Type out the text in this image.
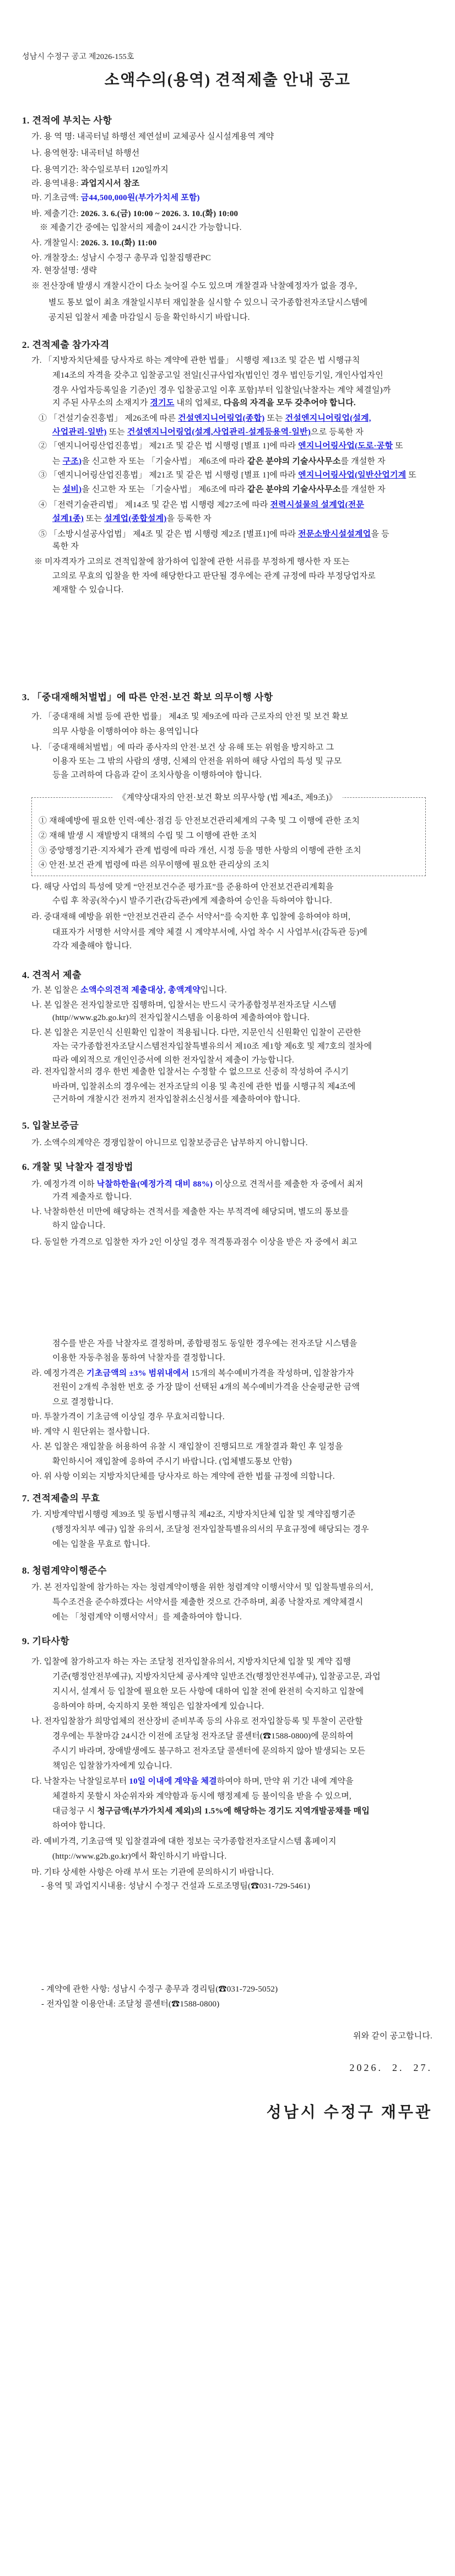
성남시 수정구 공고 제2026-155호
소액수의(용역) 견적제출 안내 공고
1. 견적에 부치는 사항
가. 용 역 명: 내곡터널 하행선 제연설비 교체공사 실시설계용역 계약
나. 용역현장: 내곡터널 하행선
다. 용역기간: 착수일로부터 120일까지
라. 용역내용: 과업지시서 참조
마. 기초금액: 금44,500,000원(부가가치세 포함)
바. 제출기간: 2026. 3. 6.(금) 10:00 ~ 2026. 3. 10.(화) 10:00
※ 제출기간 중에는 입찰서의 제출이 24시간 가능합니다.
사. 개찰일시: 2026. 3. 10.(화) 11:00
아. 개찰장소: 성남시 수정구 총무과 입찰집행관PC
자. 현장설명: 생략
※ 전산장애 발생시 개찰시간이 다소 늦어질 수도 있으며 개찰결과 낙찰예정자가 없을 경우,
별도 통보 없이 최초 개찰일시부터 재입찰을 실시할 수 있으니 국가종합전자조달시스템에
공지된 입찰서 제출 마감일시 등을 확인하시기 바랍니다.
2. 견적제출 참가자격
가. 「지방자치단체를 당사자로 하는 계약에 관한 법률」 시행령 제13조 및 같은 법 시행규칙
제14조의 자격을 갖추고 입찰공고일 전일[신규사업자(법인인 경우 법인등기일, 개인사업자인
경우 사업자등록일을 기준)인 경우 입찰공고일 이후 포함]부터 입찰일(낙찰자는 계약 체결일)까
지 주된 사무소의 소재지가 경기도 내의 업체로, 다음의 자격을 모두 갖추어야 합니다.
① 「건설기술진흥법」 제26조에 따른 건설엔지니어링업(종합) 또는 건설엔지니어링업(설계,
사업관리-일반) 또는 건설엔지니어링업(설계,사업관리-설계등용역-일반)으로 등록한 자
② 「엔지니어링산업진흥법」 제21조 및 같은 법 시행령 [별표 1]에 따라 엔지니어링사업(도로·공항 또
는 구조)을 신고한 자 또는 「기술사법」 제6조에 따라 같은 분야의 기술사사무소를 개설한 자
③ 「엔지니어링산업진흥법」 제21조 및 같은 법 시행령 [별표 1]에 따라 엔지니어링사업(일반산업기계 또
는 설비)을 신고한 자 또는 「기술사법」 제6조에 따라 같은 분야의 기술사사무소를 개설한 자
④ 「전력기술관리법」 제14조 및 같은 법 시행령 제27조에 따라 전력시설물의 설계업(전문
설계1종) 또는 설계업(종합설계)을 등록한 자
⑤ 「소방시설공사업법」 제4조 및 같은 법 시행령 제2조 [별표1]에 따라 전문소방시설설계업을 등
록한 자
※ 미자격자가 고의로 견적입찰에 참가하여 입찰에 관한 서류를 부정하게 행사한 자 또는
고의로 무효의 입찰을 한 자에 해당한다고 판단될 경우에는 관계 규정에 따라 부정당업자로
제재할 수 있습니다.
3. 「중대재해처벌법」에 따른 안전·보건 확보 의무이행 사항
가. 「중대재해 처벌 등에 관한 법률」 제4조 및 제9조에 따라 근로자의 안전 및 보건 확보
의무 사항을 이행하여야 하는 용역입니다
나. 「중대재해처벌법」에 따라 종사자의 안전·보건 상 유해 또는 위험을 방지하고 그
이용자 또는 그 밖의 사람의 생명, 신체의 안전을 위하여 해당 사업의 특성 및 규모
등을 고려하여 다음과 같이 조치사항을 이행하여야 합니다.
《계약상대자의 안전·보건 확보 의무사항 (법 제4조, 제9조)》
① 재해예방에 필요한 인력·예산·점검 등 안전보건관리체계의 구축 및 그 이행에 관한 조치
② 재해 발생 시 재발방지 대책의 수립 및 그 이행에 관한 조치
③ 중앙행정기관·지자체가 관계 법령에 따라 개선, 시정 등을 명한 사항의 이행에 관한 조치
④ 안전·보건 관계 법령에 따른 의무이행에 필요한 관리상의 조치
다. 해당 사업의 특성에 맞게 “안전보건수준 평가표”를 준용하여 안전보건관리계획을
수립 후 착공(착수)시 발주기관(감독관)에게 제출하여 승인을 득하여야 합니다.
라. 중대재해 예방을 위한 “안전보건관리 준수 서약서”를 숙지한 후 입찰에 응하여야 하며,
대표자가 서명한 서약서를 계약 체결 시 계약부서에, 사업 착수 시 사업부서(감독관 등)에
각각 제출해야 합니다.
4. 견적서 제출
가. 본 입찰은 소액수의견적 제출대상, 총액계약입니다.
나. 본 입찰은 전자입찰로만 집행하며, 입찰서는 반드시 국가종합정부전자조달 시스템
(http//www.g2b.go.kr)의 전자입찰시스템을 이용하여 제출하여야 합니다.
다. 본 입찰은 지문인식 신원확인 입찰이 적용됩니다. 다만, 지문인식 신원확인 입찰이 곤란한
자는 국가종합전자조달시스템전자입찰특별유의서 제10조 제1항 제6호 및 제7호의 절차에
따라 예외적으로 개인인증서에 의한 전자입찰서 제출이 가능합니다.
라. 전자입찰서의 경우 한번 제출한 입찰서는 수정할 수 없으므로 신중히 작성하여 주시기
바라며, 입찰취소의 경우에는 전자조달의 이용 및 촉진에 관한 법률 시행규칙 제4조에
근거하여 개찰시간 전까지 전자입찰취소신청서를 제출하여야 합니다.
5. 입찰보증금
가. 소액수의계약은 경쟁입찰이 아니므로 입찰보증금은 납부하지 아니합니다.
6. 개찰 및 낙찰자 결정방법
가. 예정가격 이하 낙찰하한율(예정가격 대비 88%) 이상으로 견적서를 제출한 자 중에서 최저
가격 제출자로 합니다.
나. 낙찰하한선 미만에 해당하는 견적서를 제출한 자는 부적격에 해당되며, 별도의 통보를
하지 않습니다.
다. 동일한 가격으로 입찰한 자가 2인 이상일 경우 적격통과점수 이상을 받은 자 중에서 최고
점수를 받은 자를 낙찰자로 결정하며, 종합평점도 동일한 경우에는 전자조달 시스템을
이용한 자동추첨을 통하여 낙찰자를 결정합니다.
라. 예정가격은 기초금액의 ±3% 범위내에서 15개의 복수예비가격을 작성하며, 입찰참가자
전원이 2개씩 추첨한 번호 중 가장 많이 선택된 4개의 복수예비가격을 산술평균한 금액
으로 결정합니다.
마. 투찰가격이 기초금액 이상일 경우 무효처리합니다.
바. 계약 시 원단위는 절사합니다.
사. 본 입찰은 재입찰을 허용하여 유찰 시 재입찰이 진행되므로 개찰결과 확인 후 일정을
확인하시어 재입찰에 응하여 주시기 바랍니다. (업체별도통보 안함)
아. 위 사항 이외는 지방자치단체를 당사자로 하는 계약에 관한 법률 규정에 의합니다.
7. 견적제출의 무효
가. 지방계약법시행령 제39조 및 동법시행규칙 제42조, 지방자치단체 입찰 및 계약집행기준
(행정자치부 예규) 입찰 유의서, 조달청 전자입찰특별유의서의 무효규정에 해당되는 경우
에는 입찰을 무효로 합니다.
8. 청렴계약이행준수
가. 본 전자입찰에 참가하는 자는 청렴계약이행을 위한 청렴계약 이행서약서 및 입찰특별유의서,
특수조건을 준수하겠다는 서약서를 제출한 것으로 간주하며, 최종 낙찰자로 계약체결시
에는 「청렴계약 이행서약서」를 제출하여야 합니다.
9. 기타사항
가. 입찰에 참가하고자 하는 자는 조달청 전자입찰유의서, 지방자치단체 입찰 및 계약 집행
기준(행정안전부예규), 지방자치단체 공사계약 일반조건(행정안전부예규), 입찰공고문, 과업
지시서, 설계서 등 입찰에 필요한 모든 사항에 대하여 입찰 전에 완전히 숙지하고 입찰에
응하여야 하며, 숙지하지 못한 책임은 입찰자에게 있습니다.
나. 전자입찰참가 희망업체의 전산장비 준비부족 등의 사유로 전자입찰등록 및 투찰이 곤란할
경우에는 투찰마감 24시간 이전에 조달청 전자조달 콜센터(☎1588-0800)에 문의하여
주시기 바라며, 장애발생에도 불구하고 전자조달 콜센터에 문의하지 않아 발생되는 모든
책임은 입찰참가자에게 있습니다.
다. 낙찰자는 낙찰일로부터 10일 이내에 계약을 체결하여야 하며, 만약 위 기간 내에 계약을
체결하지 못할시 차순위자와 계약함과 동시에 행정제제 등 불이익을 받을 수 있으며,
대금청구 시 청구금액(부가가치세 제외)의 1.5%에 해당하는 경기도 지역개발공채를 매입
하여야 합니다.
라. 예비가격, 기초금액 및 입찰결과에 대한 정보는 국가종합전자조달시스템 홈페이지
(http://www.g2b.go.kr)에서 확인하시기 바랍니다.
마. 기타 상세한 사항은 아래 부서 또는 기관에 문의하시기 바랍니다.
- 용역 및 과업지시내용: 성남시 수정구 건설과 도로조명팀(☎031-729-5461)
- 계약에 관한 사항: 성남시 수정구 총무과 경리팀(☎031-729-5052)
- 전자입찰 이용안내: 조달청 콜센터(☎1588-0800)
위와 같이 공고합니다.
2026.  2.  27.
성남시 수정구 재무관
